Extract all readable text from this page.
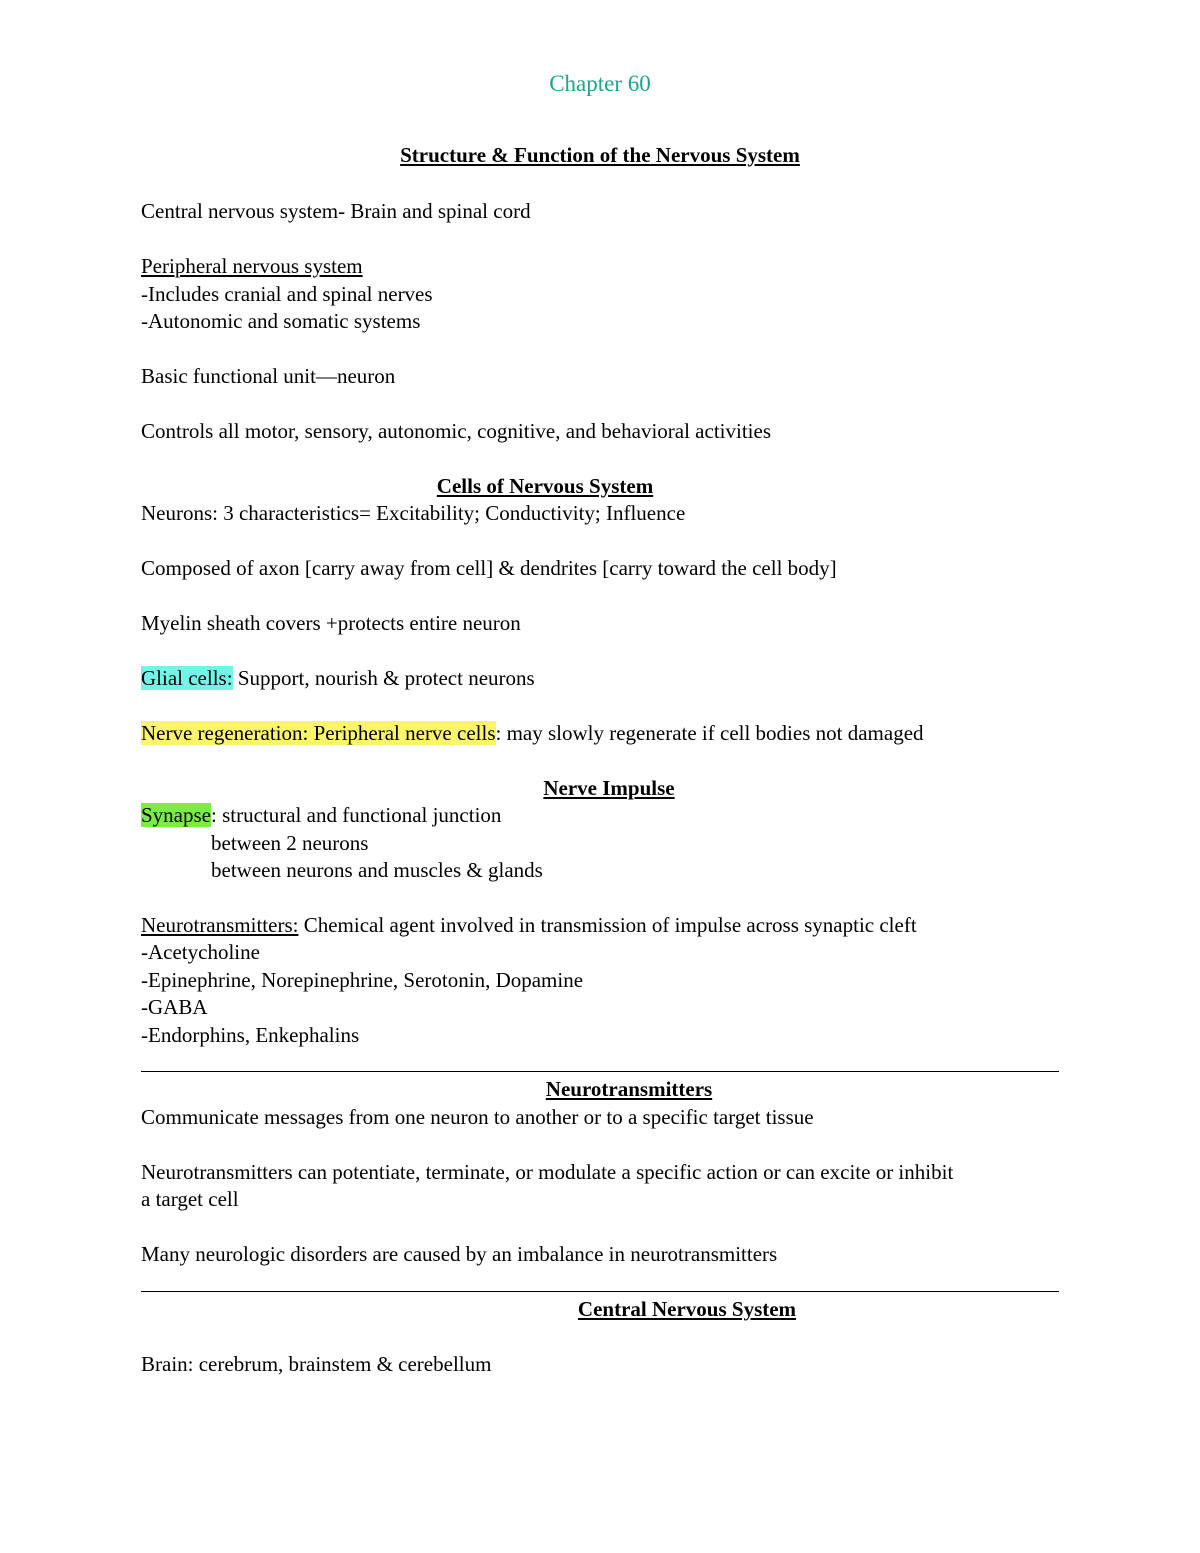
Chapter 60

Structure & Function of the Nervous System

Central nervous system- Brain and spinal cord

Peripheral nervous system

-Includes cranial and spinal nerves

-Autonomic and somatic systems

Basic functional unit—neuron

Controls all motor, sensory, autonomic, cognitive, and behavioral activities

Cells of Nervous System

Neurons: 3 characteristics= Excitability; Conductivity; Influence

Composed of axon [carry away from cell] & dendrites [carry toward the cell body]

Myelin sheath covers +protects entire neuron

Glial cells: Support, nourish & protect neurons

Nerve regeneration: Peripheral nerve cells: may slowly regenerate if cell bodies not damaged

Nerve Impulse

Synapse: structural and functional junction

between 2 neurons

between neurons and muscles & glands

Neurotransmitters: Chemical agent involved in transmission of impulse across synaptic cleft

-Acetycholine

-Epinephrine, Norepinephrine, Serotonin, Dopamine

-GABA

-Endorphins, Enkephalins

Neurotransmitters

Communicate messages from one neuron to another or to a specific target tissue

Neurotransmitters can potentiate, terminate, or modulate a specific action or can excite or inhibit

a target cell

Many neurologic disorders are caused by an imbalance in neurotransmitters

Central Nervous System

Brain: cerebrum, brainstem & cerebellum
